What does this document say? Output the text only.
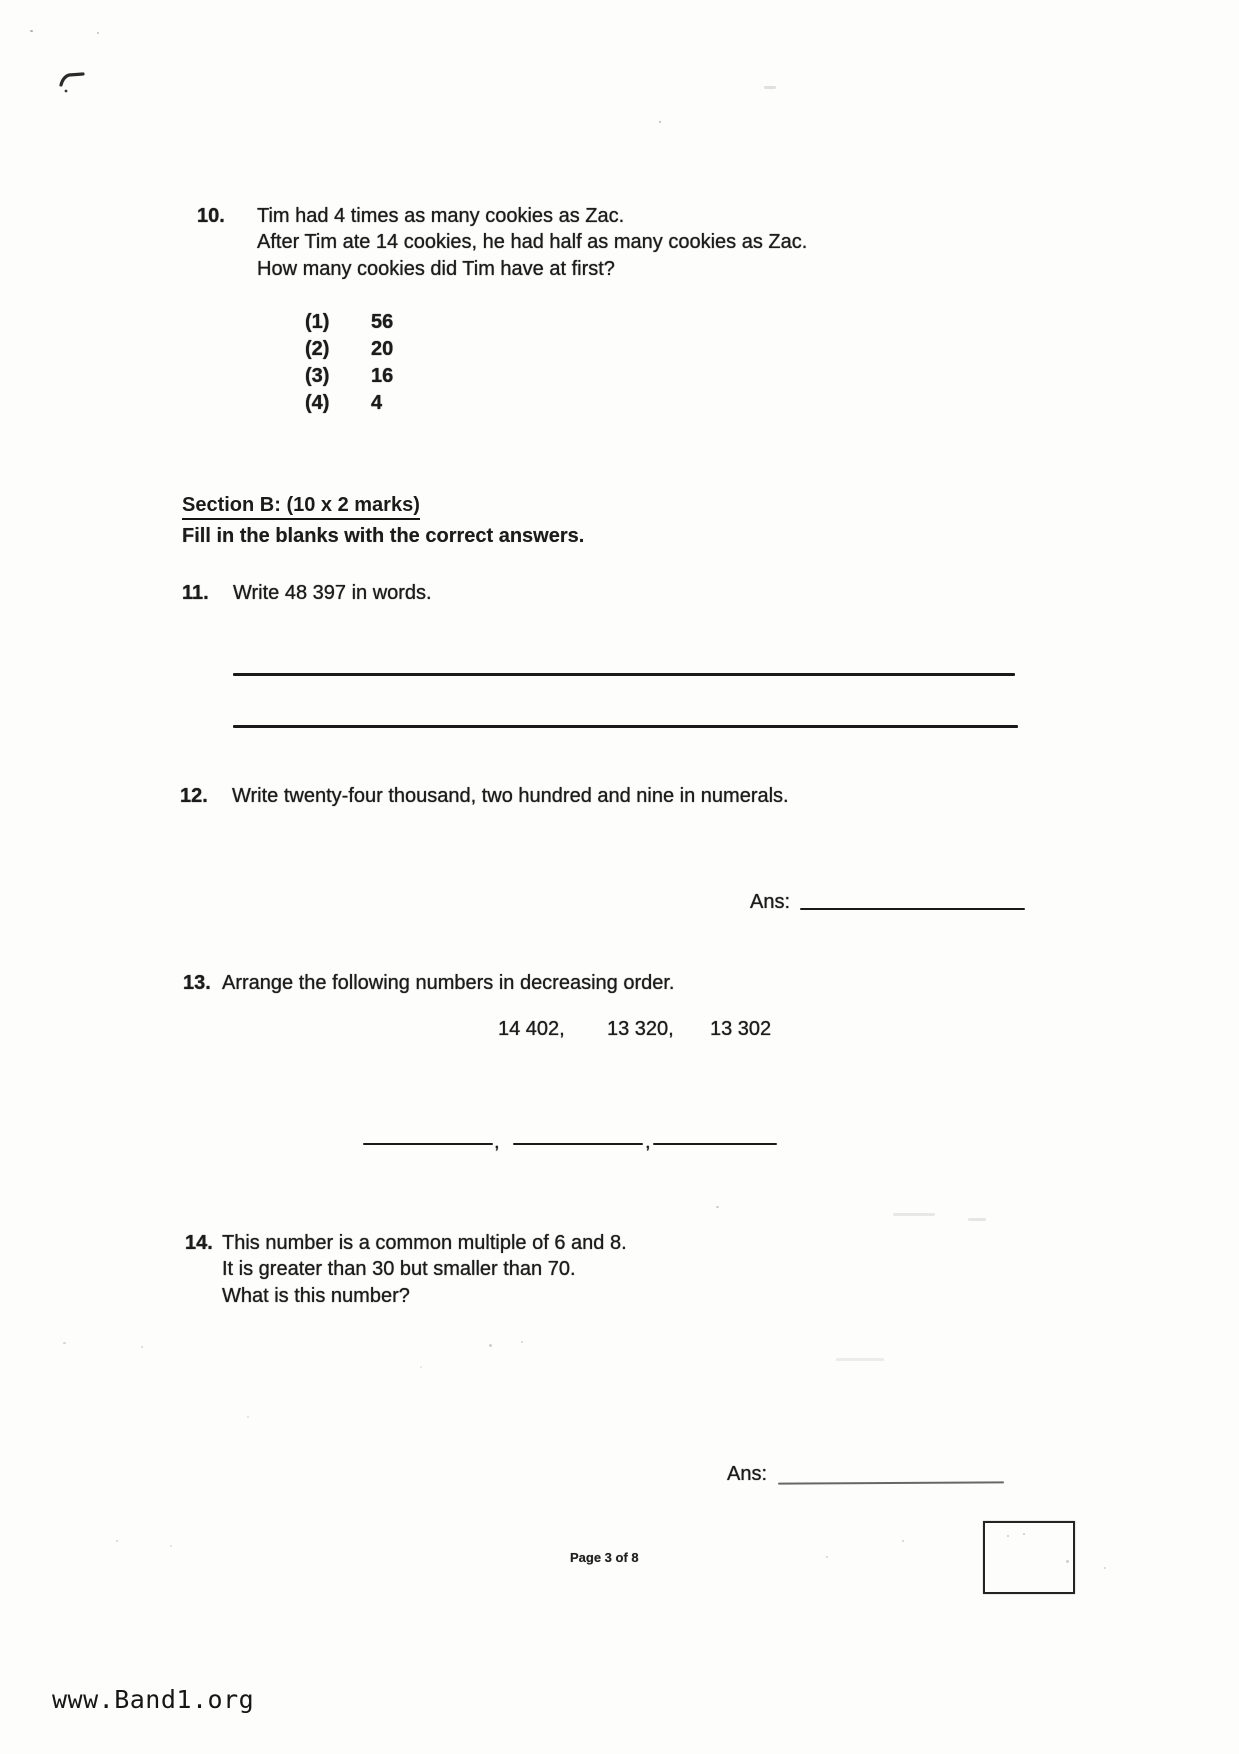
10. Tim had 4 times as many cookies as Zac.
After Tim ate 14 cookies, he had half as many cookies as Zac.
How many cookies did Tim have at first?
(1) 56
(2) 20
(3) 16
(4) 4
Section B: (10 x 2 marks)
Fill in the blanks with the correct answers.
11. Write 48 397 in words.
12. Write twenty-four thousand, two hundred and nine in numerals.
Ans:
13. Arrange the following numbers in decreasing order.
14 402, 13 320, 13 302
,	,
14. This number is a common multiple of 6 and 8.
It is greater than 30 but smaller than 70.
What is this number?
Ans:
Page 3 of 8
www.Band1.org
